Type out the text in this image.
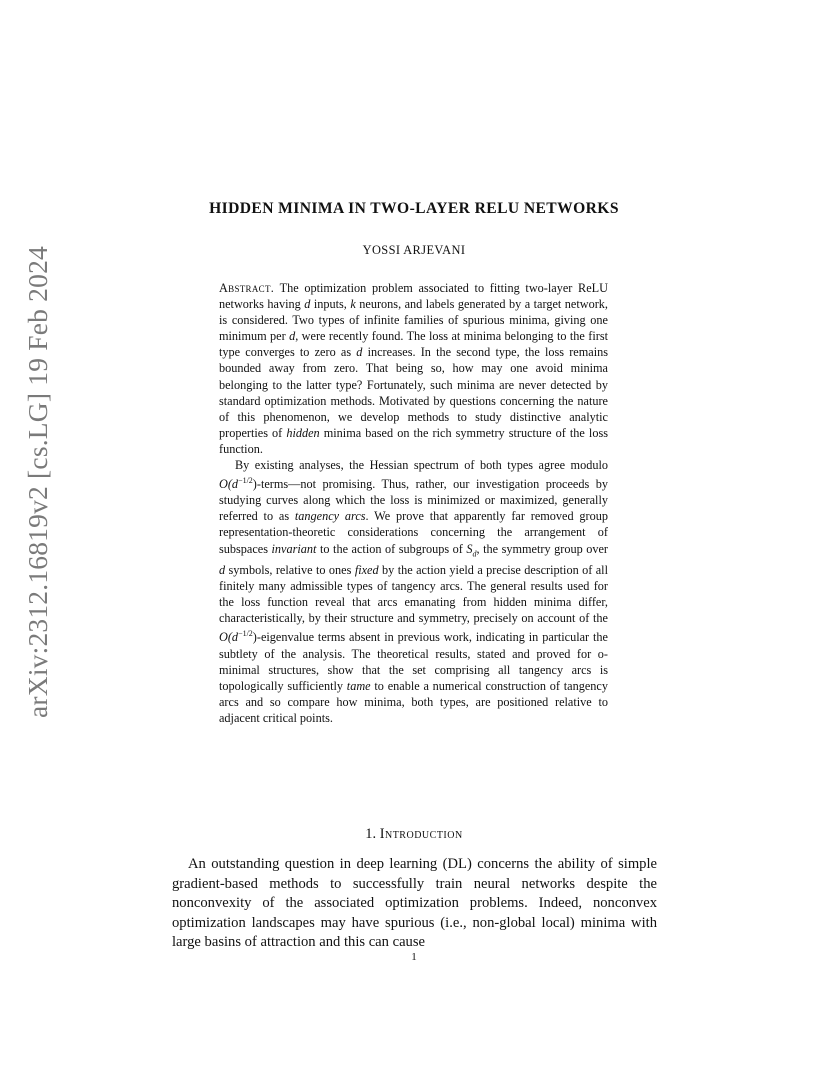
arXiv:2312.16819v2 [cs.LG] 19 Feb 2024
HIDDEN MINIMA IN TWO-LAYER RELU NETWORKS
YOSSI ARJEVANI

Abstract. The optimization problem associated to fitting two-layer ReLU networks having d inputs, k neurons, and labels generated by a target network, is considered. Two types of infinite families of spurious minima, giving one minimum per d, were recently found. The loss at minima belonging to the first type converges to zero as d increases. In the second type, the loss remains bounded away from zero. That being so, how may one avoid minima belonging to the latter type? Fortunately, such minima are never detected by standard optimization methods. Motivated by questions concerning the nature of this phenomenon, we develop methods to study distinctive analytic properties of hidden minima based on the rich symmetry structure of the loss function.

By existing analyses, the Hessian spectrum of both types agree modulo $O(d^{-1/2})-terms—not$ promising. Thus, rather, our investigation proceeds by studying curves along which the loss is minimized or maximized, generally referred to as tangency arcs. We prove that apparently far removed group representation-theoretic considerations concerning the arrangement of subspaces invariant to the action of subgroups of $S_d$, the symmetry group over d symbols, relative to ones fixed by the action yield a precise description of all finitely many admissible types of tangency arcs. The general results used for the loss function reveal that arcs emanating from hidden minima differ, characteristically, by their structure and symmetry, precisely on account of the $O(d^{-1/2})$-eigenvalue terms absent in previous work, indicating in particular the subtlety of the analysis. The theoretical results, stated and proved for o-minimal structures, show that the set comprising all tangency arcs is topologically sufficiently tame to enable a numerical construction of tangency arcs and so compare how minima, both types, are positioned relative to adjacent critical points.

1. Introduction

An outstanding question in deep learning (DL) concerns the ability of simple gradient-based methods to successfully train neural networks despite the nonconvexity of the associated optimization problems. Indeed, nonconvex optimization landscapes may have spurious (i.e., non-global local) minima with large basins of attraction and this can cause

1
